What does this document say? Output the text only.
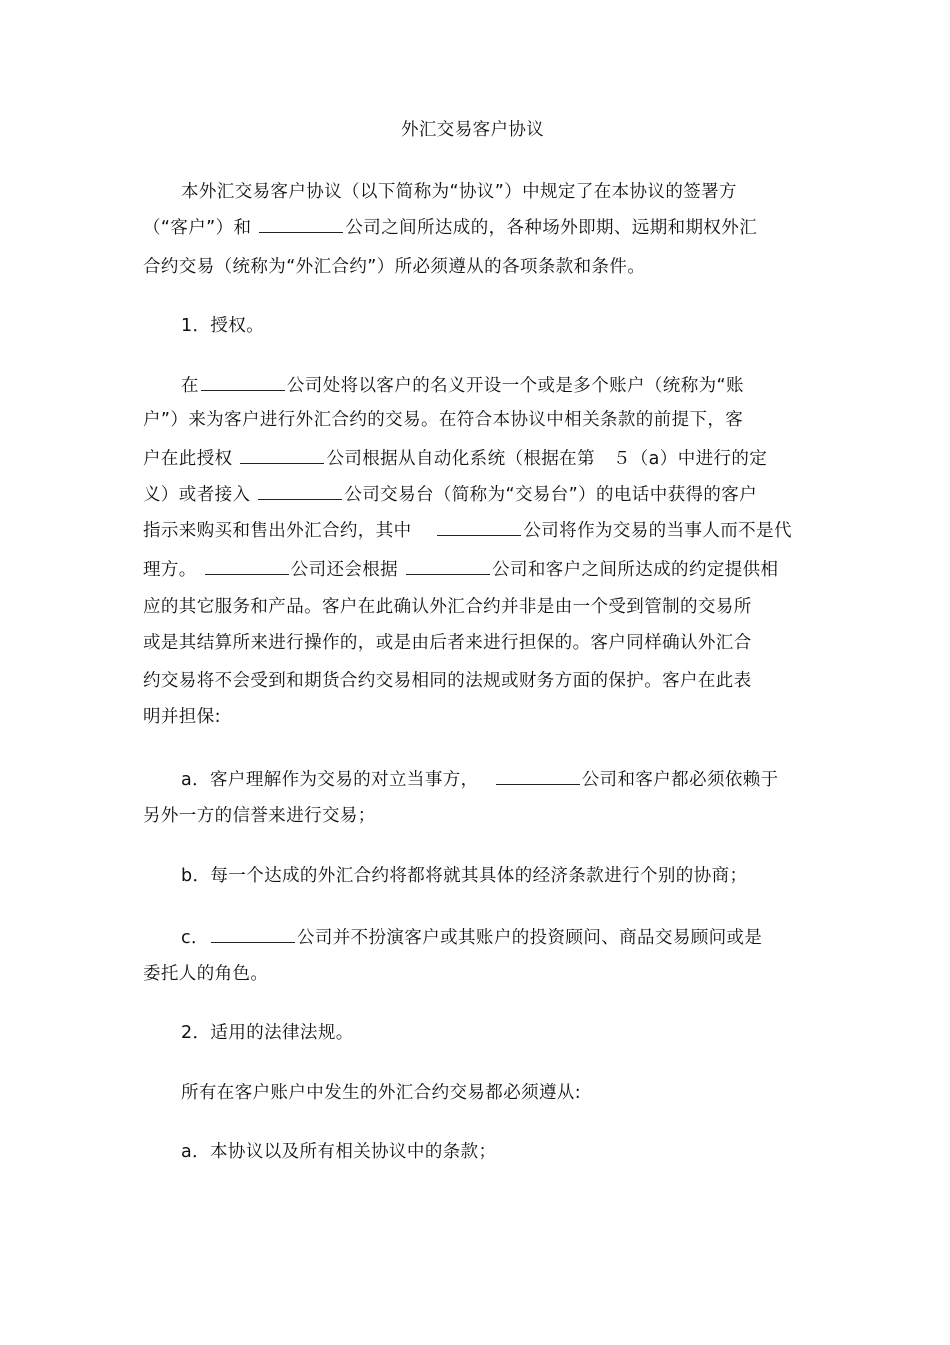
外汇交易客户协议

本外汇交易客户协议（以下简称为“协议”）中规定了在本协议的签署方

（“客户”）和	公司之间所达成的，各种场外即期、远期和期权外汇

合约交易（统称为“外汇合约”）所必须遵从的各项条款和条件。

1．授权。

在	公司处将以客户的名义开设一个或是多个账户（统称为“账

户”）来为客户进行外汇合约的交易。在符合本协议中相关条款的前提下，客

户在此授权	公司根据从自动化系统（根据在第　５（a）中进行的定

义）或者接入	公司交易台（简称为“交易台”）的电话中获得的客户

指示来购买和售出外汇合约，其中　	公司将作为交易的当事人而不是代

理方。	公司还会根据	公司和客户之间所达成的约定提供相

应的其它服务和产品。客户在此确认外汇合约并非是由一个受到管制的交易所

或是其结算所来进行操作的，或是由后者来进行担保的。客户同样确认外汇合

约交易将不会受到和期货合约交易相同的法规或财务方面的保护。客户在此表

明并担保:

a．客户理解作为交易的对立当事方，　	公司和客户都必须依赖于

另外一方的信誉来进行交易；

b．每一个达成的外汇合约将都将就其具体的经济条款进行个别的协商；

c．	公司并不扮演客户或其账户的投资顾问、商品交易顾问或是

委托人的角色。

2．适用的法律法规。

所有在客户账户中发生的外汇合约交易都必须遵从:

a．本协议以及所有相关协议中的条款；
